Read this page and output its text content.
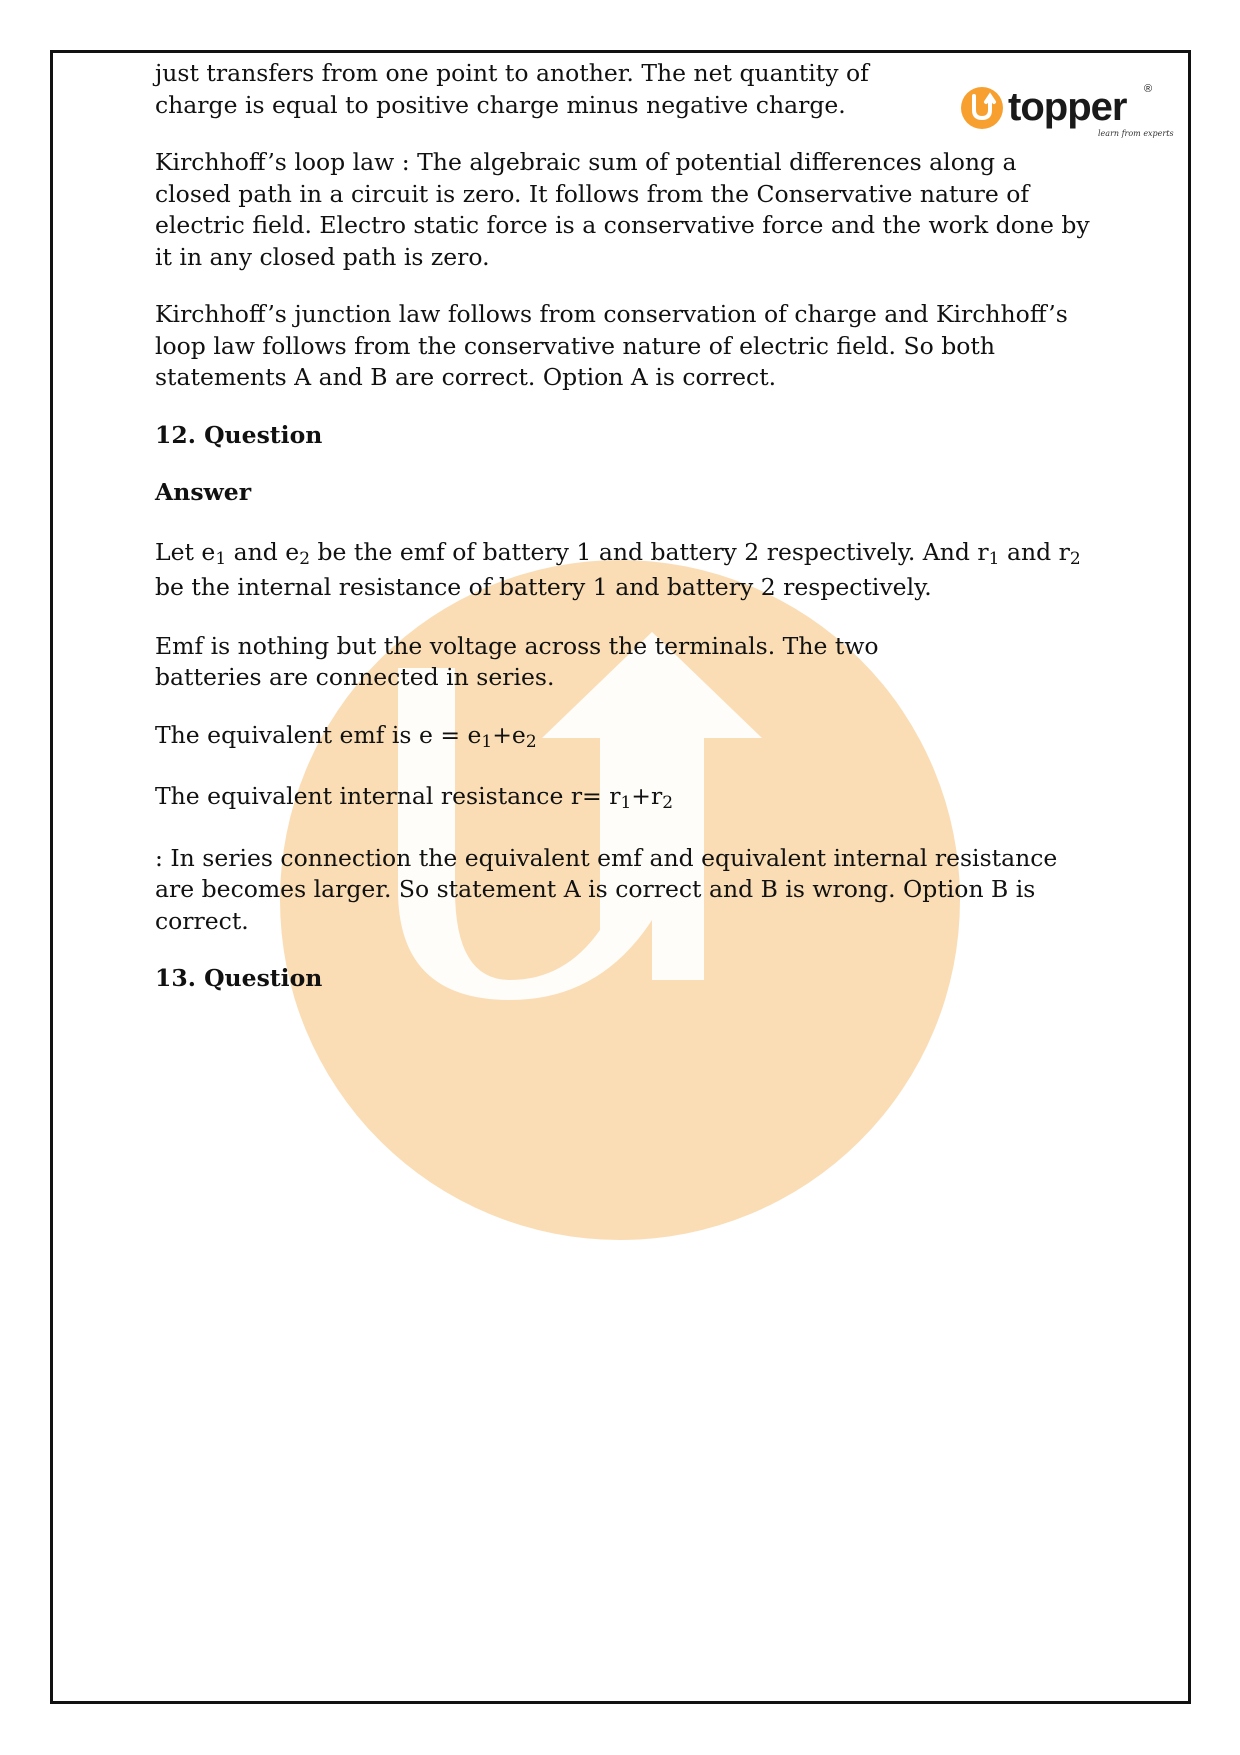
topper ®
learn from experts

just transfers from one point to another. The net quantity of charge is equal to positive charge minus negative charge.

Kirchhoff’s loop law : The algebraic sum of potential differences along a closed path in a circuit is zero. It follows from the Conservative nature of electric field. Electro static force is a conservative force and the work done by it in any closed path is zero.

Kirchhoff’s junction law follows from conservation of charge and Kirchhoff’s loop law follows from the conservative nature of electric field. So both statements A and B are correct. Option A is correct.

12. Question

Answer

Let $e_1$ and $e_2$ be the emf of battery 1 and battery 2 respectively. And $r_1$ and $r_2$ be the internal resistance of battery 1 and battery 2 respectively.

Emf is nothing but the voltage across the terminals. The two batteries are connected in series.

The equivalent emf is $e = e_1+e_2$

The equivalent internal resistance $r= r_1+r_2$

: In series connection the equivalent emf and equivalent internal resistance are becomes larger. So statement A is correct and B is wrong. Option B is correct.

13. Question
